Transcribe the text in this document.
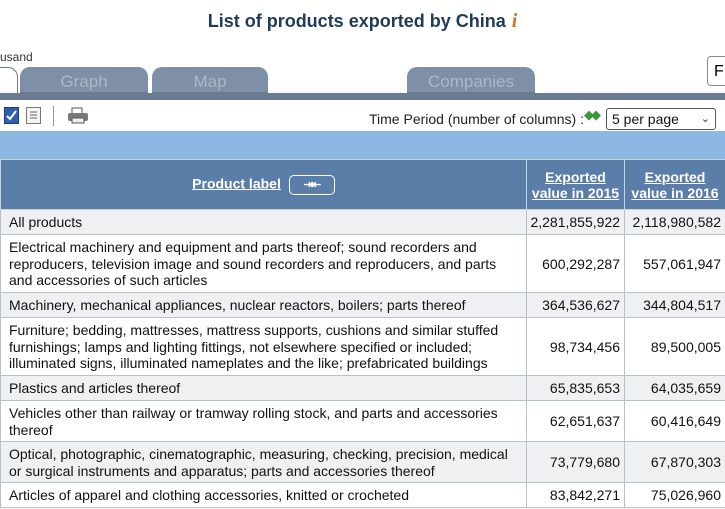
List of products exported by China i
usand
Graph	Map	Companies
F
Time Period (number of columns) : ◆◆	5 per page ⌄
Product label ⇥⇤	Exported
value in 2015	Exported
value in 2016
All products	2,281,855,922	2,118,980,582
Electrical machinery and equipment and parts thereof; sound recorders and reproducers, television image and sound recorders and reproducers, and parts and accessories of such articles	600,292,287	557,061,947
Machinery, mechanical appliances, nuclear reactors, boilers; parts thereof	364,536,627	344,804,517
Furniture; bedding, mattresses, mattress supports, cushions and similar stuffed furnishings; lamps and lighting fittings, not elsewhere specified or included; illuminated signs, illuminated nameplates and the like; prefabricated buildings	98,734,456	89,500,005
Plastics and articles thereof	65,835,653	64,035,659
Vehicles other than railway or tramway rolling stock, and parts and accessories thereof	62,651,637	60,416,649
Optical, photographic, cinematographic, measuring, checking, precision, medical or surgical instruments and apparatus; parts and accessories thereof	73,779,680	67,870,303
Articles of apparel and clothing accessories, knitted or crocheted	83,842,271	75,026,960
